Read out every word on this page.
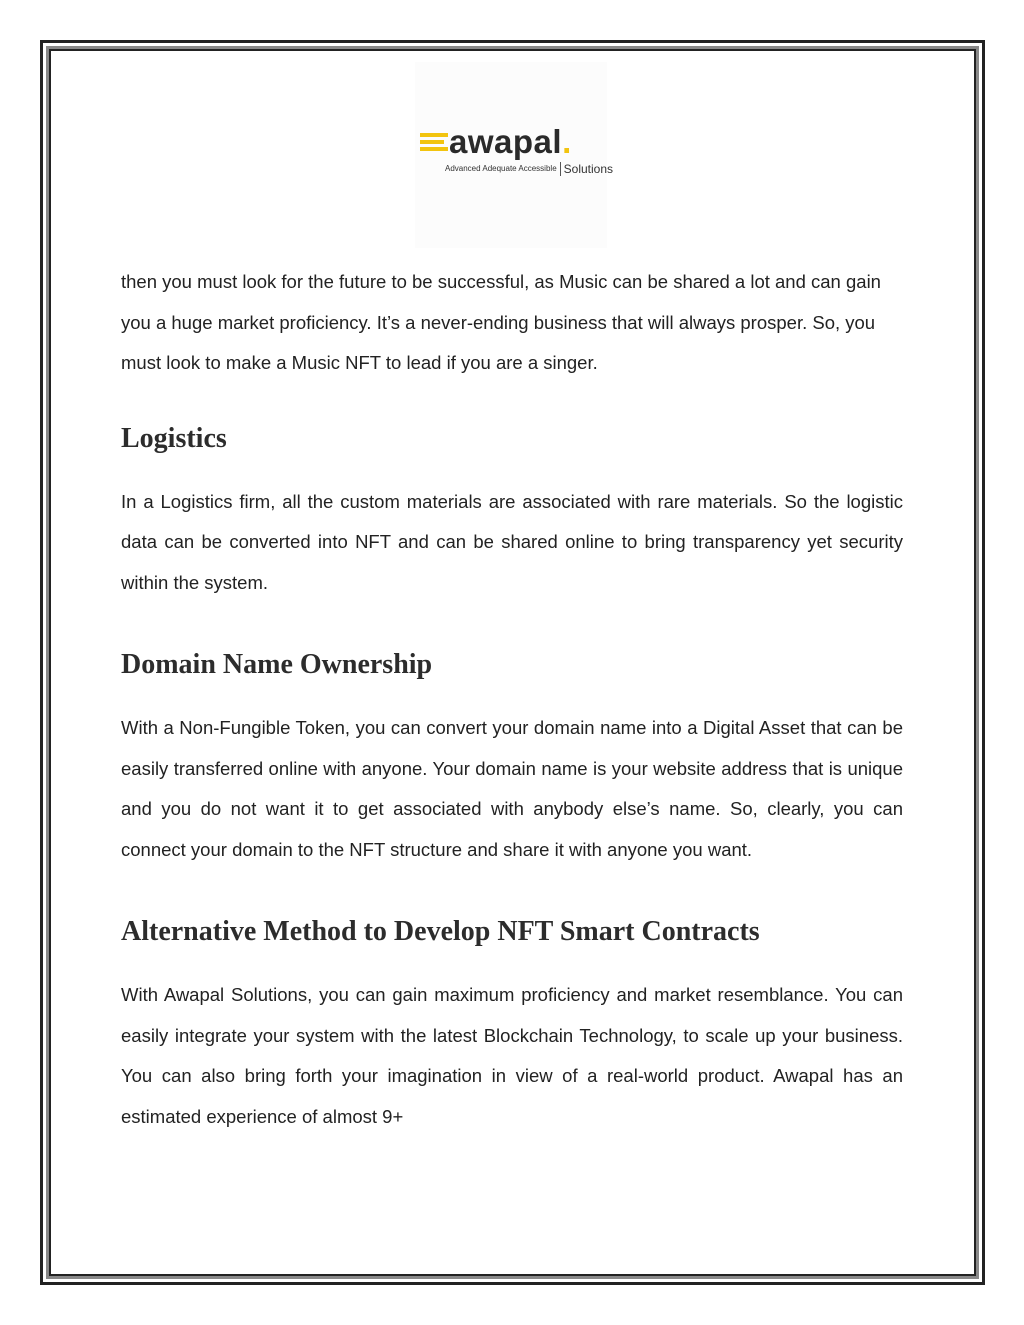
awapal.
Advanced Adequate Accessible Solutions

then you must look for the future to be successful, as Music can be shared a lot and can gain you a huge market proficiency. It’s a never-ending business that will always prosper. So, you must look to make a Music NFT to lead if you are a singer.

Logistics

In a Logistics firm, all the custom materials are associated with rare materials. So the logistic data can be converted into NFT and can be shared online to bring transparency yet security within the system.

Domain Name Ownership

With a Non-Fungible Token, you can convert your domain name into a Digital Asset that can be easily transferred online with anyone. Your domain name is your website address that is unique and you do not want it to get associated with anybody else’s name. So, clearly, you can connect your domain to the NFT structure and share it with anyone you want.

Alternative Method to Develop NFT Smart Contracts

With Awapal Solutions, you can gain maximum proficiency and market resemblance. You can easily integrate your system with the latest Blockchain Technology, to scale up your business. You can also bring forth your imagination in view of a real-world product. Awapal has an estimated experience of almost 9+
